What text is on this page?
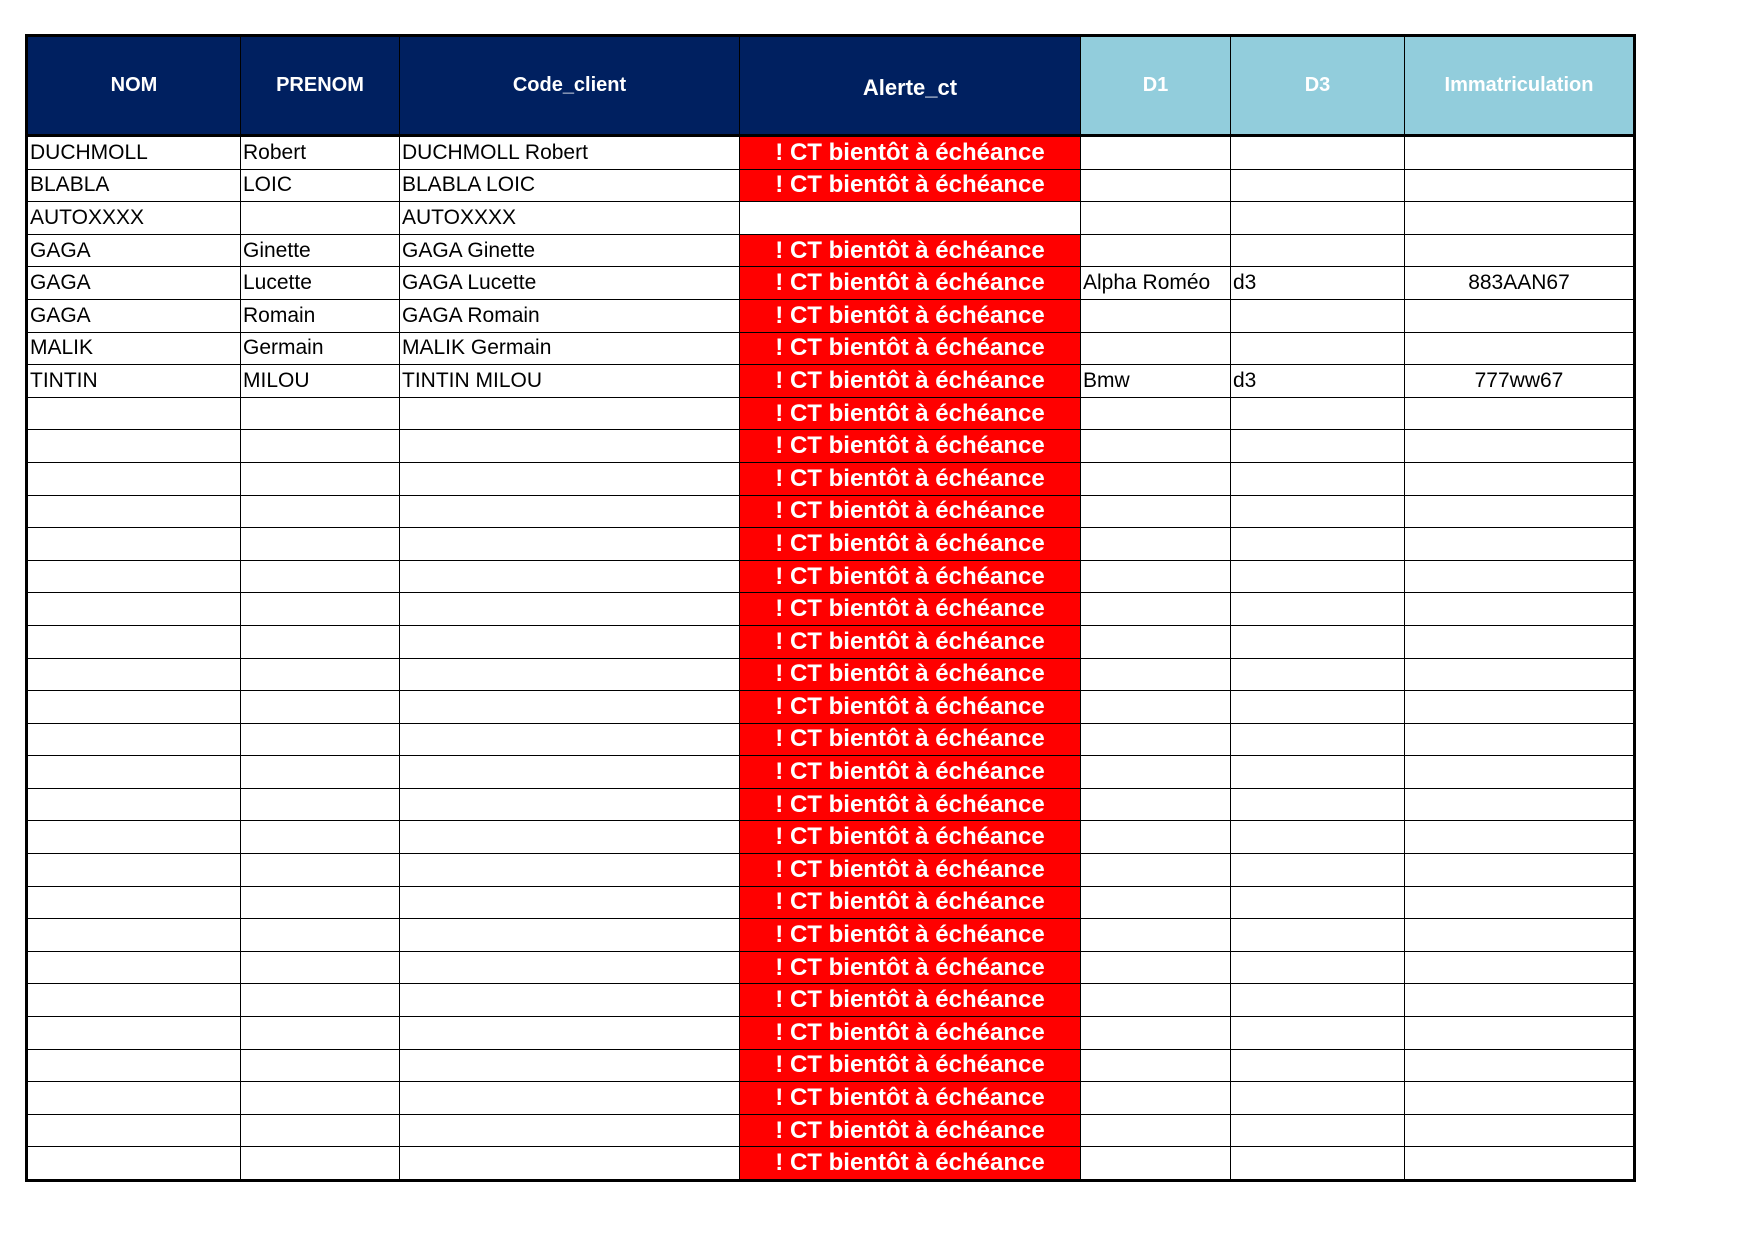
NOM	PRENOM	Code_client	Alerte_ct	D1	D3	Immatriculation
DUCHMOLL	Robert	DUCHMOLL Robert	! CT bientôt à échéance			
BLABLA	LOIC	BLABLA LOIC	! CT bientôt à échéance			
AUTOXXXX		AUTOXXXX				
GAGA	Ginette	GAGA Ginette	! CT bientôt à échéance			
GAGA	Lucette	GAGA Lucette	! CT bientôt à échéance	Alpha Roméo	d3	883AAN67
GAGA	Romain	GAGA Romain	! CT bientôt à échéance			
MALIK	Germain	MALIK Germain	! CT bientôt à échéance			
TINTIN	MILOU	TINTIN MILOU	! CT bientôt à échéance	Bmw	d3	777ww67
			! CT bientôt à échéance			
			! CT bientôt à échéance			
			! CT bientôt à échéance			
			! CT bientôt à échéance			
			! CT bientôt à échéance			
			! CT bientôt à échéance			
			! CT bientôt à échéance			
			! CT bientôt à échéance			
			! CT bientôt à échéance			
			! CT bientôt à échéance			
			! CT bientôt à échéance			
			! CT bientôt à échéance			
			! CT bientôt à échéance			
			! CT bientôt à échéance			
			! CT bientôt à échéance			
			! CT bientôt à échéance			
			! CT bientôt à échéance			
			! CT bientôt à échéance			
			! CT bientôt à échéance			
			! CT bientôt à échéance			
			! CT bientôt à échéance			
			! CT bientôt à échéance			
			! CT bientôt à échéance			
			! CT bientôt à échéance			
